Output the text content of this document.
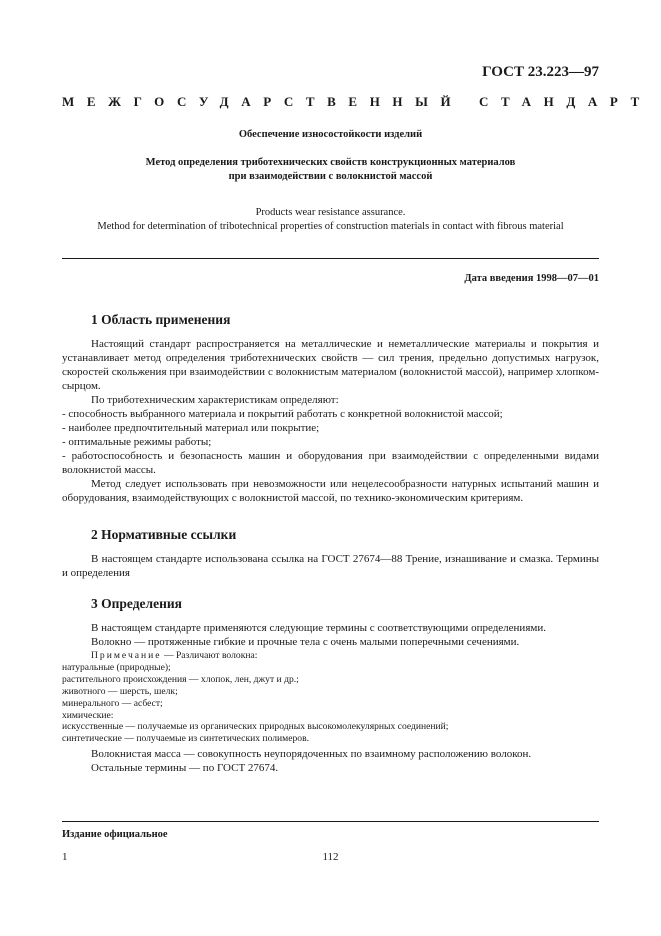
ГОСТ 23.223—97
МЕЖГОСУДАРСТВЕННЫЙ СТАНДАРТ
Обеспечение износостойкости изделий
Метод определения триботехнических свойств конструкционных материалов
при взаимодействии с волокнистой массой
Products wear resistance assurance.
Method for determination of tribotechnical properties of construction materials in contact with fibrous material
Дата введения 1998—07—01
1 Область применения

Настоящий стандарт распространяется на металлические и неметаллические материалы и покрытия и устанавливает метод определения триботехнических свойств — сил трения, предельно допустимых нагрузок, скоростей скольжения при взаимодействии с волокнистым материалом (волокнистой массой), например хлопком-сырцом.

По триботехническим характеристикам определяют:

- способность выбранного материала и покрытий работать с конкретной волокнистой массой;

- наиболее предпочтительный материал или покрытие;

- оптимальные режимы работы;

- работоспособность и безопасность машин и оборудования при взаимодействии с определенными видами волокнистой массы.

Метод следует использовать при невозможности или нецелесообразности натурных испытаний машин и оборудования, взаимодействующих с волокнистой массой, по технико-экономическим критериям.

2 Нормативные ссылки

В настоящем стандарте использована ссылка на ГОСТ 27674—88 Трение, изнашивание и смазка. Термины и определения

3 Определения

В настоящем стандарте применяются следующие термины с соответствующими определениями.

Волокно — протяженные гибкие и прочные тела с очень малыми поперечными сечениями.

Примечание — Различают волокна:
натуральные (природные);
растительного происхождения — хлопок, лен, джут и др.;
животного — шерсть, шелк;
минерального — асбест;
химические:
искусственные — получаемые из органических природных высокомолекулярных соединений;
синтетические — получаемые из синтетических полимеров.

Волокнистая масса — совокупность неупорядоченных по взаимному расположению волокон.

Остальные термины — по ГОСТ 27674.

Издание официальное
1	112
